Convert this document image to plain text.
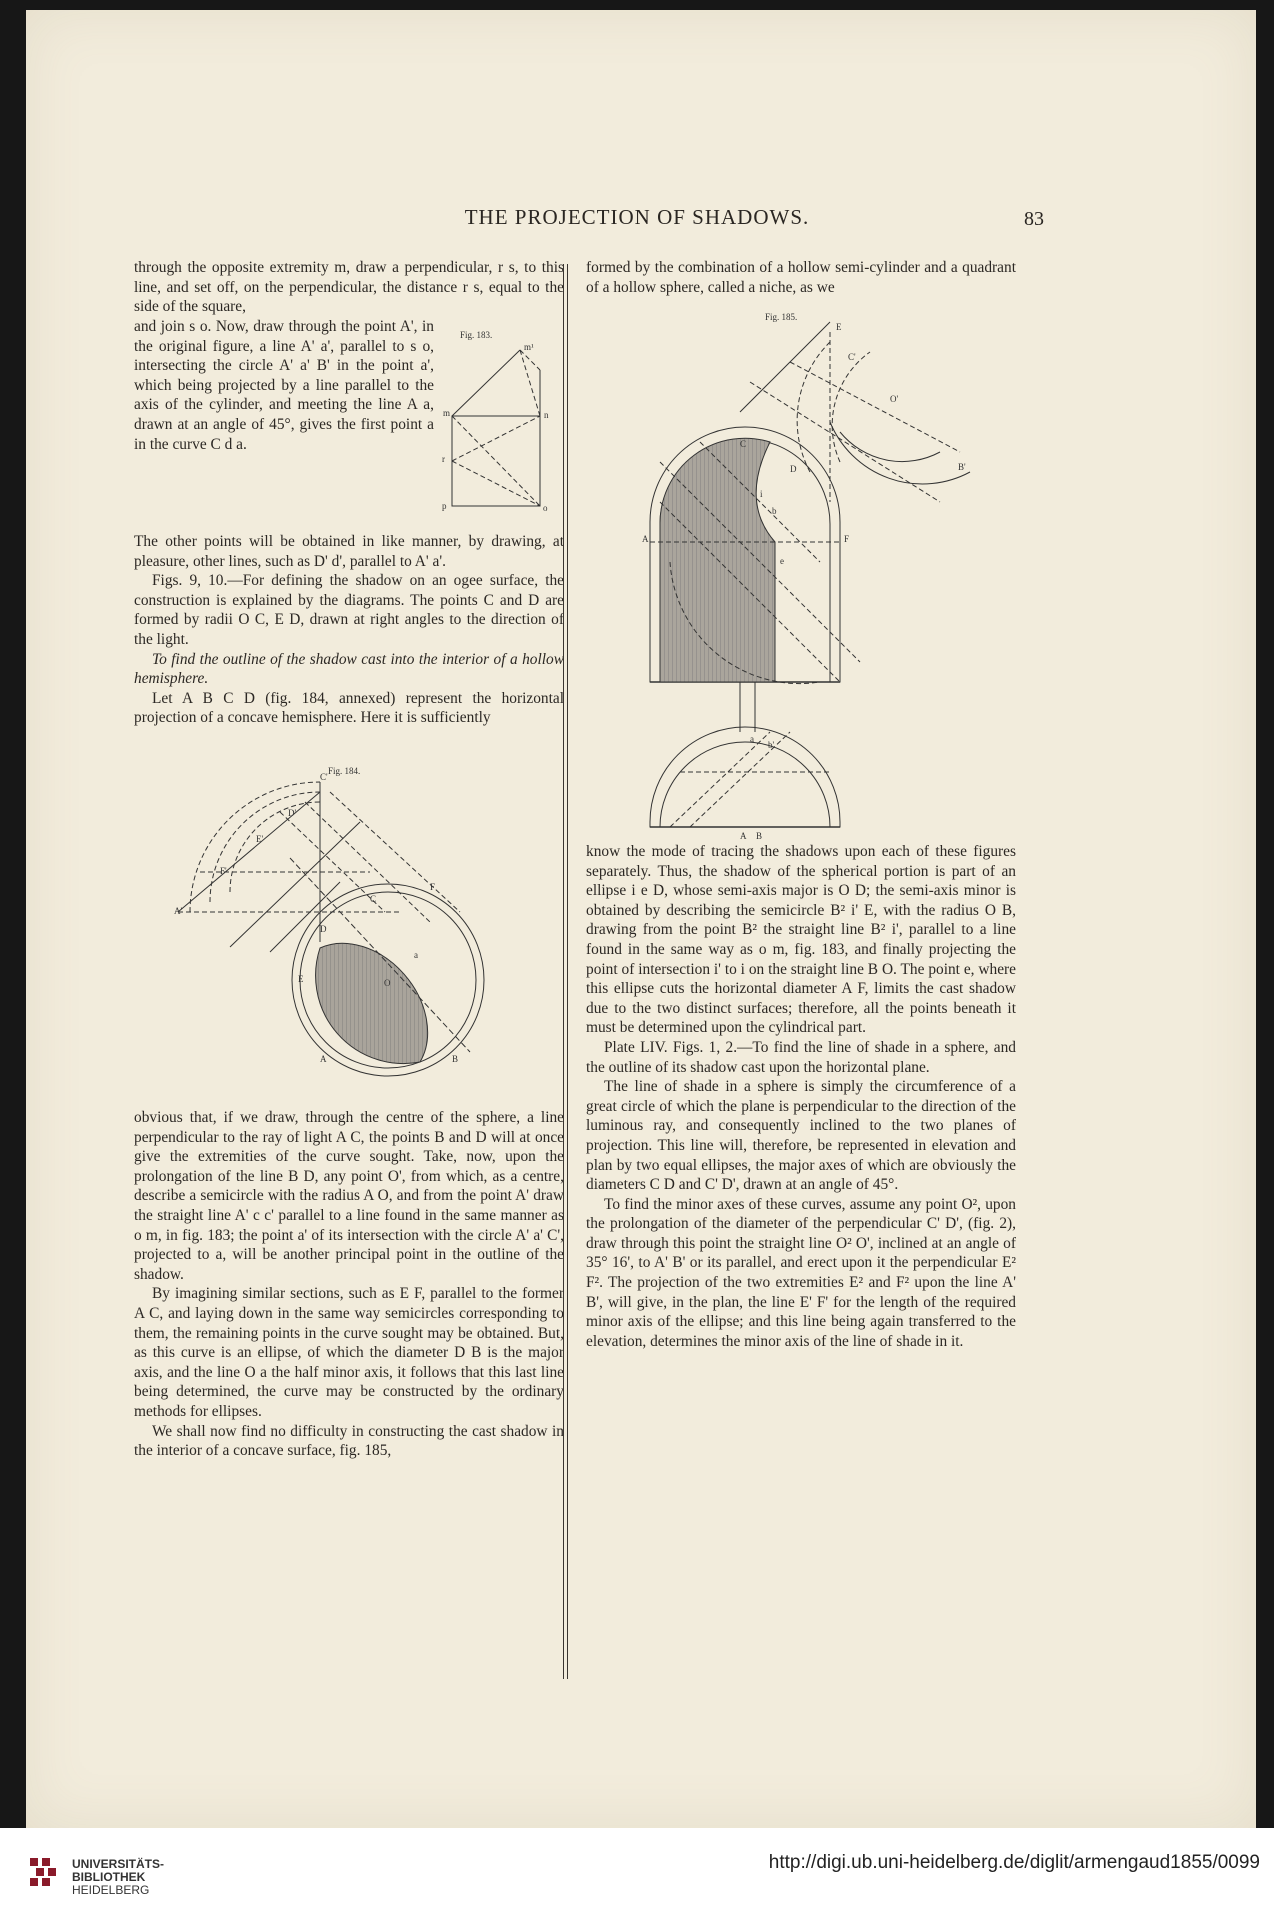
THE PROJECTION OF SHADOWS.	83

through the opposite extremity m, draw a perpendicular, r s, to this line, and set off, on the perpendicular, the distance r s, equal to the side of the square,

and join s o. Now, draw through the point A', in the original figure, a line A' a', parallel to s o, intersecting the circle A' a' B' in the point a', which being projected by a line parallel to the axis of the cylinder, and meeting the line A a, drawn at an angle of 45°, gives the first point a in the curve C d a.

The other points will be obtained in like manner, by drawing, at pleasure, other lines, such as D' d', parallel to A' a'.

Figs. 9, 10.—For defining the shadow on an ogee surface, the construction is explained by the diagrams. The points C and D are formed by radii O C, E D, drawn at right angles to the direction of the light.

To find the outline of the shadow cast into the interior of a hollow hemisphere.

Let A B C D (fig. 184, annexed) represent the horizontal projection of a concave hemisphere. Here it is sufficiently

Fig. 183.
m¹
m	n
r
p	o
Fig. 184.
C'
D'
E'
F'
A'
C
D
E
F
O
a
A	B

obvious that, if we draw, through the centre of the sphere, a line perpendicular to the ray of light A C, the points B and D will at once give the extremities of the curve sought. Take, now, upon the prolongation of the line B D, any point O', from which, as a centre, describe a semicircle with the radius A O, and from the point A' draw the straight line A' c c' parallel to a line found in the same manner as o m, in fig. 183; the point a' of its intersection with the circle A' a' C', projected to a, will be another principal point in the outline of the shadow.

By imagining similar sections, such as E F, parallel to the former A C, and laying down in the same way semicircles corresponding to them, the remaining points in the curve sought may be obtained. But, as this curve is an ellipse, of which the diameter D B is the major axis, and the line O a the half minor axis, it follows that this last line being determined, the curve may be constructed by the ordinary methods for ellipses.

We shall now find no difficulty in constructing the cast shadow in the interior of a concave surface, fig. 185,

formed by the combination of a hollow semi-cylinder and a quadrant of a hollow sphere, called a niche, as we

Fig. 185.
E
C'
O'
B'
C
D
A	F
e
b
i
A B
a
b'

know the mode of tracing the shadows upon each of these figures separately. Thus, the shadow of the spherical portion is part of an ellipse i e D, whose semi-axis major is O D; the semi-axis minor is obtained by describing the semicircle B² i' E, with the radius O B, drawing from the point B² the straight line B² i', parallel to a line found in the same way as o m, fig. 183, and finally projecting the point of intersection i' to i on the straight line B O. The point e, where this ellipse cuts the horizontal diameter A F, limits the cast shadow due to the two distinct surfaces; therefore, all the points beneath it must be determined upon the cylindrical part.

Plate LIV. Figs. 1, 2.—To find the line of shade in a sphere, and the outline of its shadow cast upon the horizontal plane.

The line of shade in a sphere is simply the circumference of a great circle of which the plane is perpendicular to the direction of the luminous ray, and consequently inclined to the two planes of projection. This line will, therefore, be represented in elevation and plan by two equal ellipses, the major axes of which are obviously the diameters C D and C' D', drawn at an angle of 45°.

To find the minor axes of these curves, assume any point O², upon the prolongation of the diameter of the perpendicular C' D', (fig. 2), draw through this point the straight line O² O', inclined at an angle of 35° 16', to A' B' or its parallel, and erect upon it the perpendicular E² F². The projection of the two extremities E² and F² upon the line A' B', will give, in the plan, the line E' F' for the length of the required minor axis of the ellipse; and this line being again transferred to the elevation, determines the minor axis of the line of shade in it.

UNIVERSITÄTS-
BIBLIOTHEK
HEIDELBERG
http://digi.ub.uni-heidelberg.de/diglit/armengaud1855/0099
